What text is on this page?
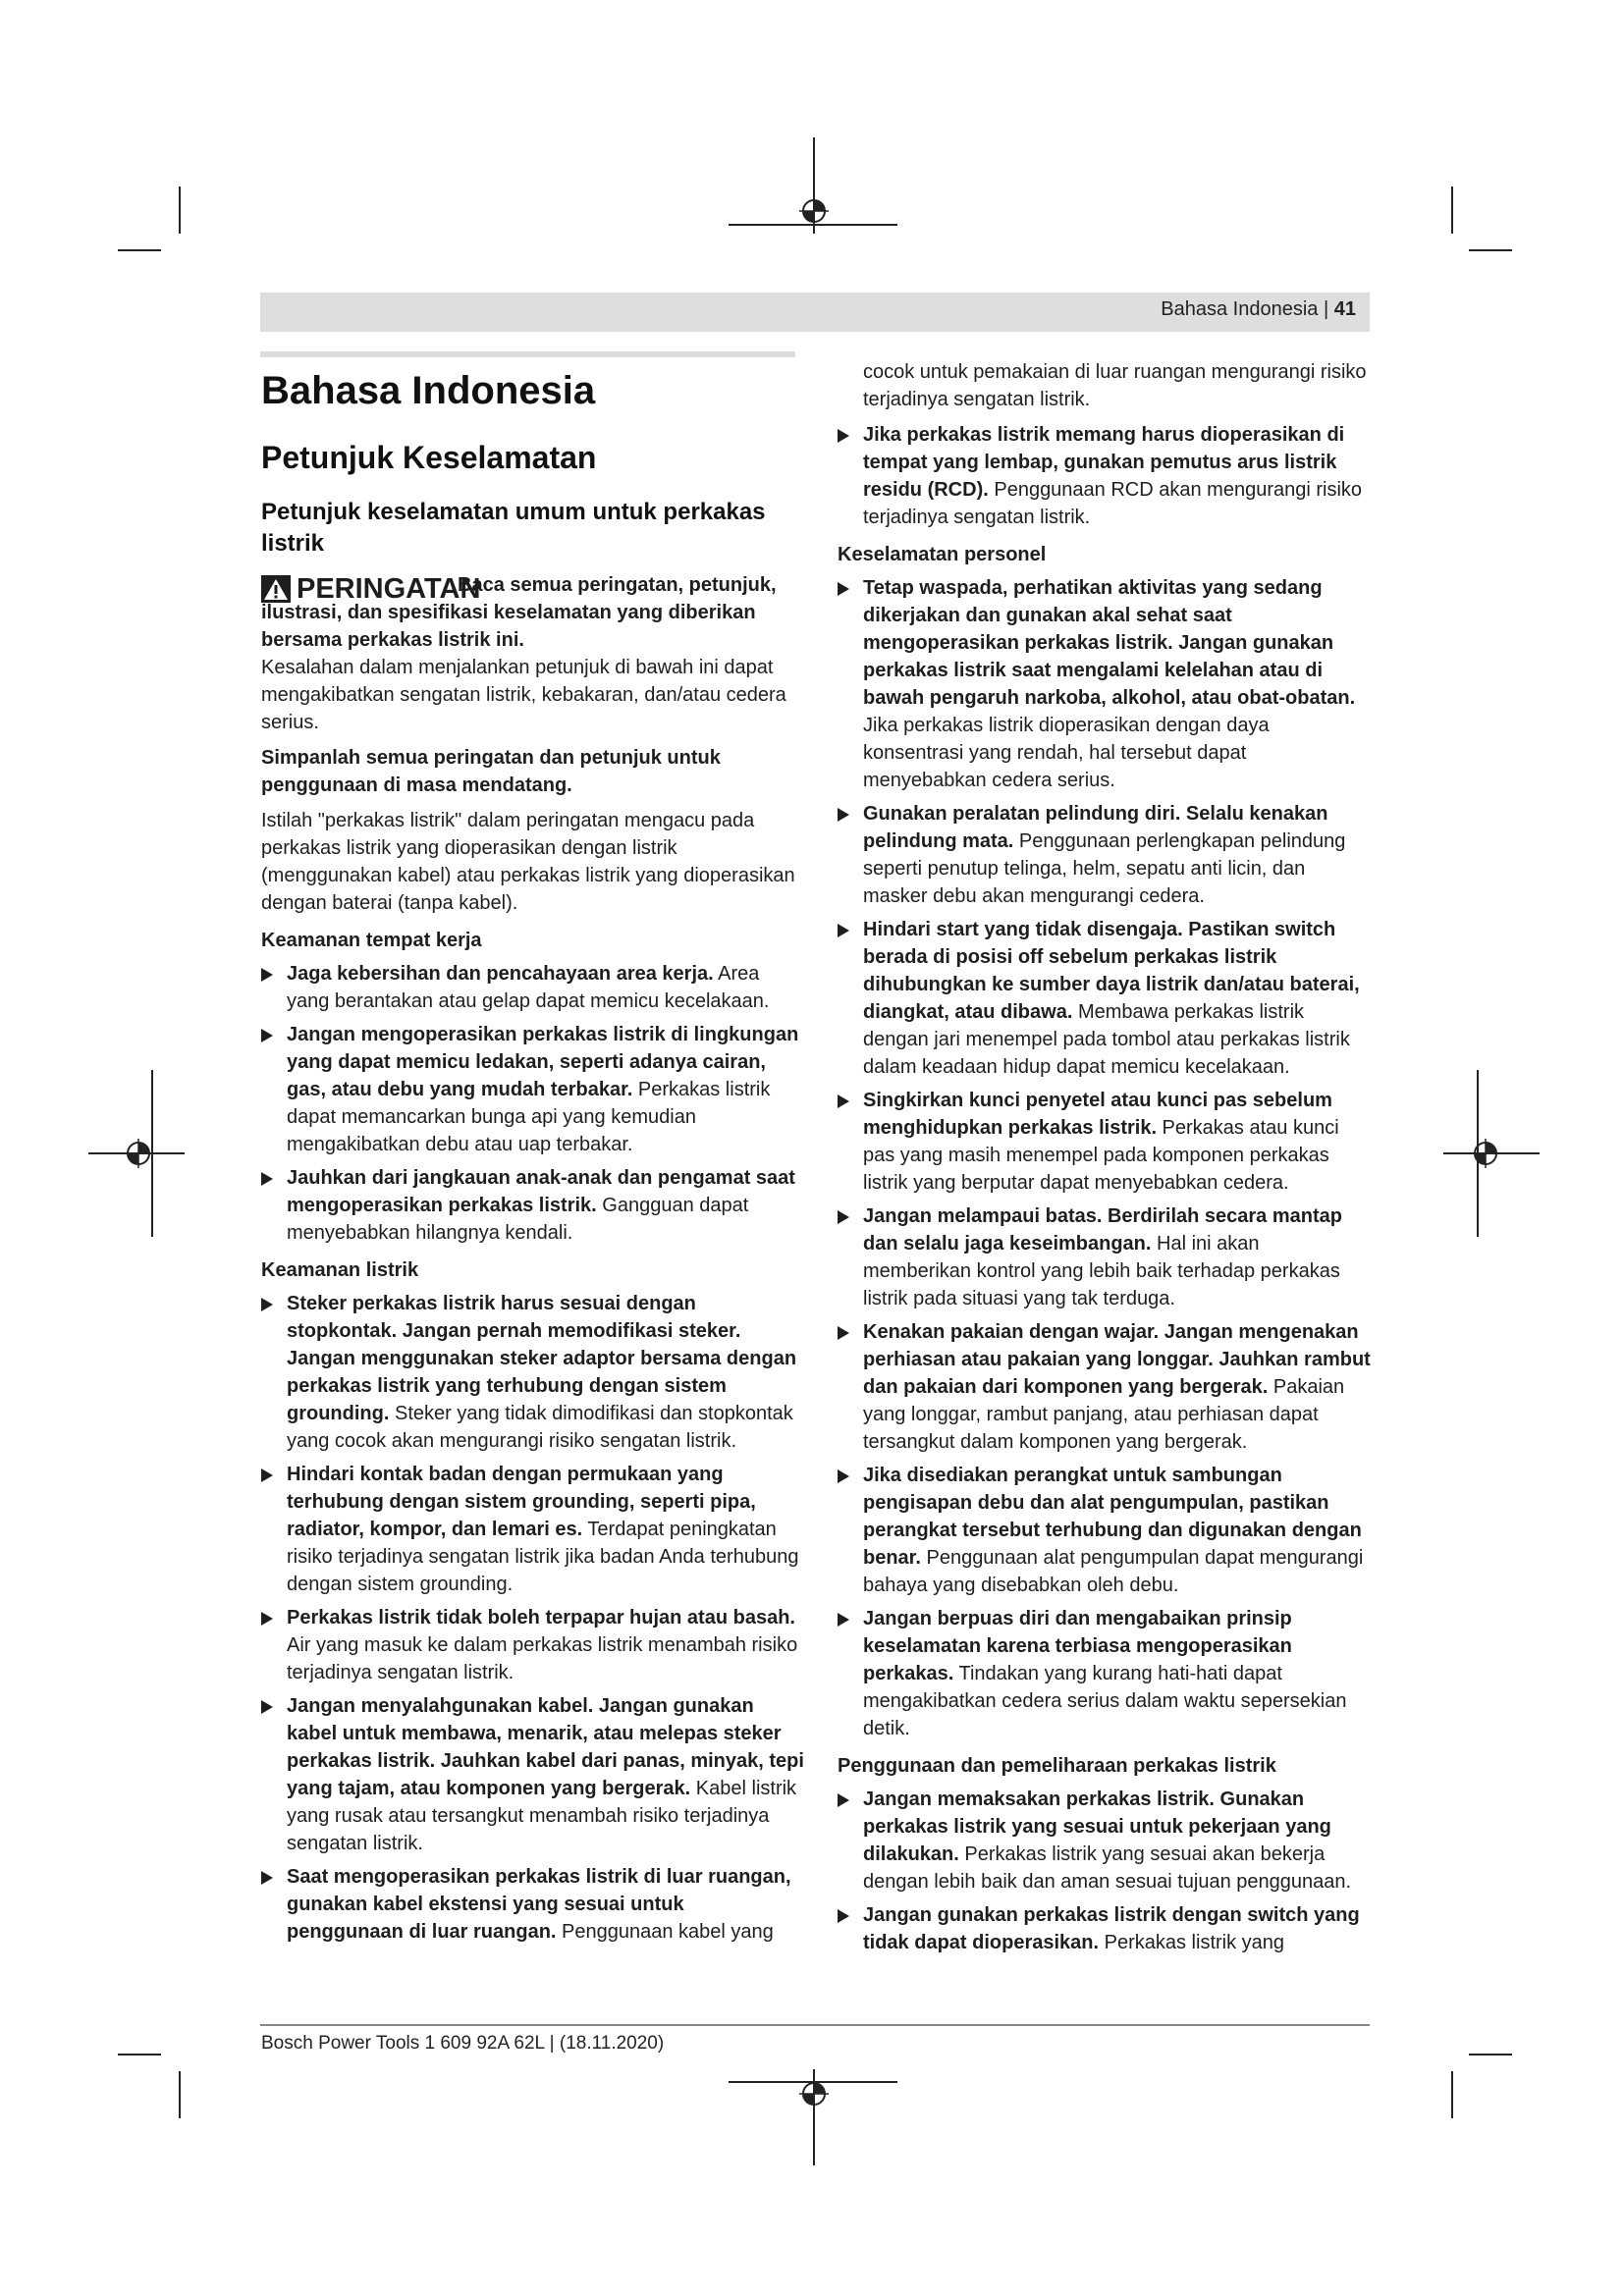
Bahasa Indonesia | 41
Bahasa Indonesia
Petunjuk Keselamatan
Petunjuk keselamatan umum untuk perkakas listrik
PERINGATAN

Baca semua peringatan, petunjuk, ilustrasi, dan spesifikasi keselamatan yang diberikan bersama perkakas listrik ini. Kesalahan dalam menjalankan petunjuk di bawah ini dapat mengakibatkan sengatan listrik, kebakaran, dan/atau cedera serius.

Simpanlah semua peringatan dan petunjuk untuk penggunaan di masa mendatang.

Istilah "perkakas listrik" dalam peringatan mengacu pada perkakas listrik yang dioperasikan dengan listrik (menggunakan kabel) atau perkakas listrik yang dioperasikan dengan baterai (tanpa kabel).

Keamanan tempat kerja
Jaga kebersihan dan pencahayaan area kerja. Area yang berantakan atau gelap dapat memicu kecelakaan.
Jangan mengoperasikan perkakas listrik di lingkungan yang dapat memicu ledakan, seperti adanya cairan, gas, atau debu yang mudah terbakar. Perkakas listrik dapat memancarkan bunga api yang kemudian mengakibatkan debu atau uap terbakar.
Jauhkan dari jangkauan anak-anak dan pengamat saat mengoperasikan perkakas listrik. Gangguan dapat menyebabkan hilangnya kendali.
Keamanan listrik
Steker perkakas listrik harus sesuai dengan stopkontak. Jangan pernah memodifikasi steker. Jangan menggunakan steker adaptor bersama dengan perkakas listrik yang terhubung dengan sistem grounding. Steker yang tidak dimodifikasi dan stopkontak yang cocok akan mengurangi risiko sengatan listrik.
Hindari kontak badan dengan permukaan yang terhubung dengan sistem grounding, seperti pipa, radiator, kompor, dan lemari es. Terdapat peningkatan risiko terjadinya sengatan listrik jika badan Anda terhubung dengan sistem grounding.
Perkakas listrik tidak boleh terpapar hujan atau basah. Air yang masuk ke dalam perkakas listrik menambah risiko terjadinya sengatan listrik.
Jangan menyalahgunakan kabel. Jangan gunakan kabel untuk membawa, menarik, atau melepas steker perkakas listrik. Jauhkan kabel dari panas, minyak, tepi yang tajam, atau komponen yang bergerak. Kabel listrik yang rusak atau tersangkut menambah risiko terjadinya sengatan listrik.
Saat mengoperasikan perkakas listrik di luar ruangan, gunakan kabel ekstensi yang sesuai untuk penggunaan di luar ruangan. Penggunaan kabel yang

cocok untuk pemakaian di luar ruangan mengurangi risiko terjadinya sengatan listrik.

Jika perkakas listrik memang harus dioperasikan di tempat yang lembap, gunakan pemutus arus listrik residu (RCD). Penggunaan RCD akan mengurangi risiko terjadinya sengatan listrik.
Keselamatan personel
Tetap waspada, perhatikan aktivitas yang sedang dikerjakan dan gunakan akal sehat saat mengoperasikan perkakas listrik. Jangan gunakan perkakas listrik saat mengalami kelelahan atau di bawah pengaruh narkoba, alkohol, atau obat-obatan. Jika perkakas listrik dioperasikan dengan daya konsentrasi yang rendah, hal tersebut dapat menyebabkan cedera serius.
Gunakan peralatan pelindung diri. Selalu kenakan pelindung mata. Penggunaan perlengkapan pelindung seperti penutup telinga, helm, sepatu anti licin, dan masker debu akan mengurangi cedera.
Hindari start yang tidak disengaja. Pastikan switch berada di posisi off sebelum perkakas listrik dihubungkan ke sumber daya listrik dan/atau baterai, diangkat, atau dibawa. Membawa perkakas listrik dengan jari menempel pada tombol atau perkakas listrik dalam keadaan hidup dapat memicu kecelakaan.
Singkirkan kunci penyetel atau kunci pas sebelum menghidupkan perkakas listrik. Perkakas atau kunci pas yang masih menempel pada komponen perkakas listrik yang berputar dapat menyebabkan cedera.
Jangan melampaui batas. Berdirilah secara mantap dan selalu jaga keseimbangan. Hal ini akan memberikan kontrol yang lebih baik terhadap perkakas listrik pada situasi yang tak terduga.
Kenakan pakaian dengan wajar. Jangan mengenakan perhiasan atau pakaian yang longgar. Jauhkan rambut dan pakaian dari komponen yang bergerak. Pakaian yang longgar, rambut panjang, atau perhiasan dapat tersangkut dalam komponen yang bergerak.
Jika disediakan perangkat untuk sambungan pengisapan debu dan alat pengumpulan, pastikan perangkat tersebut terhubung dan digunakan dengan benar. Penggunaan alat pengumpulan dapat mengurangi bahaya yang disebabkan oleh debu.
Jangan berpuas diri dan mengabaikan prinsip keselamatan karena terbiasa mengoperasikan perkakas. Tindakan yang kurang hati-hati dapat mengakibatkan cedera serius dalam waktu sepersekian detik.
Penggunaan dan pemeliharaan perkakas listrik
Jangan memaksakan perkakas listrik. Gunakan perkakas listrik yang sesuai untuk pekerjaan yang dilakukan. Perkakas listrik yang sesuai akan bekerja dengan lebih baik dan aman sesuai tujuan penggunaan.
Jangan gunakan perkakas listrik dengan switch yang tidak dapat dioperasikan. Perkakas listrik yang
Bosch Power Tools 1 609 92A 62L | (18.11.2020)
